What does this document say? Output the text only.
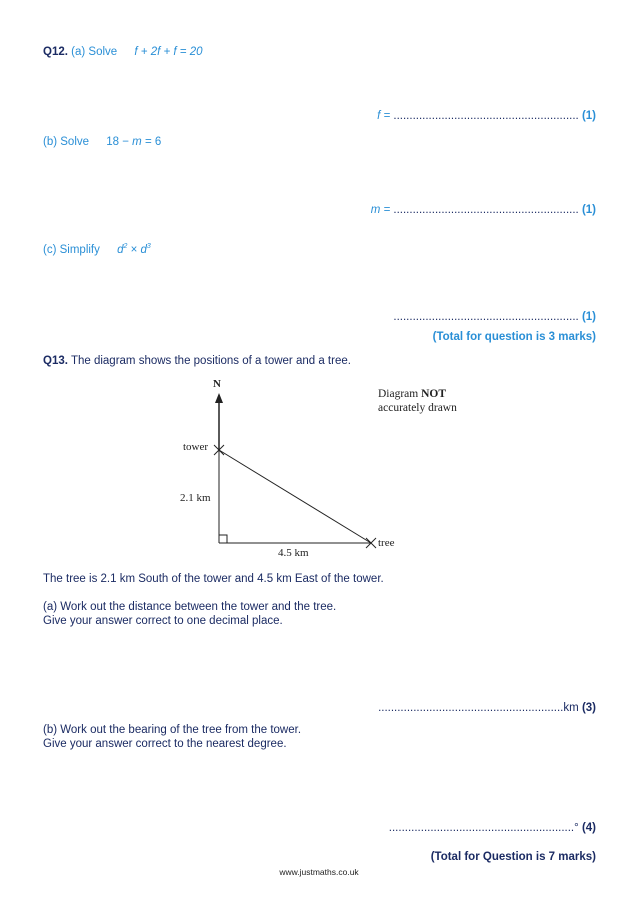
Q12. (a) Solve f + 2f + f = 20
f = .......................................................... (1)
(b) Solve 18 − m = 6
m = .......................................................... (1)
(c) Simplify $d^2 \times d^3$
.......................................................... (1)
(Total for question is 3 marks)
Q13. The diagram shows the positions of a tower and a tree.
N
Diagram NOT
accurately drawn
tower
2.1 km
4.5 km
tree
The tree is 2.1 km South of the tower and 4.5 km East of the tower.
(a) Work out the distance between the tower and the tree.
Give your answer correct to one decimal place.
..........................................................km (3)
(b) Work out the bearing of the tree from the tower.
Give your answer correct to the nearest degree.
..........................................................° (4)
(Total for Question is 7 marks)
www.justmaths.co.uk
